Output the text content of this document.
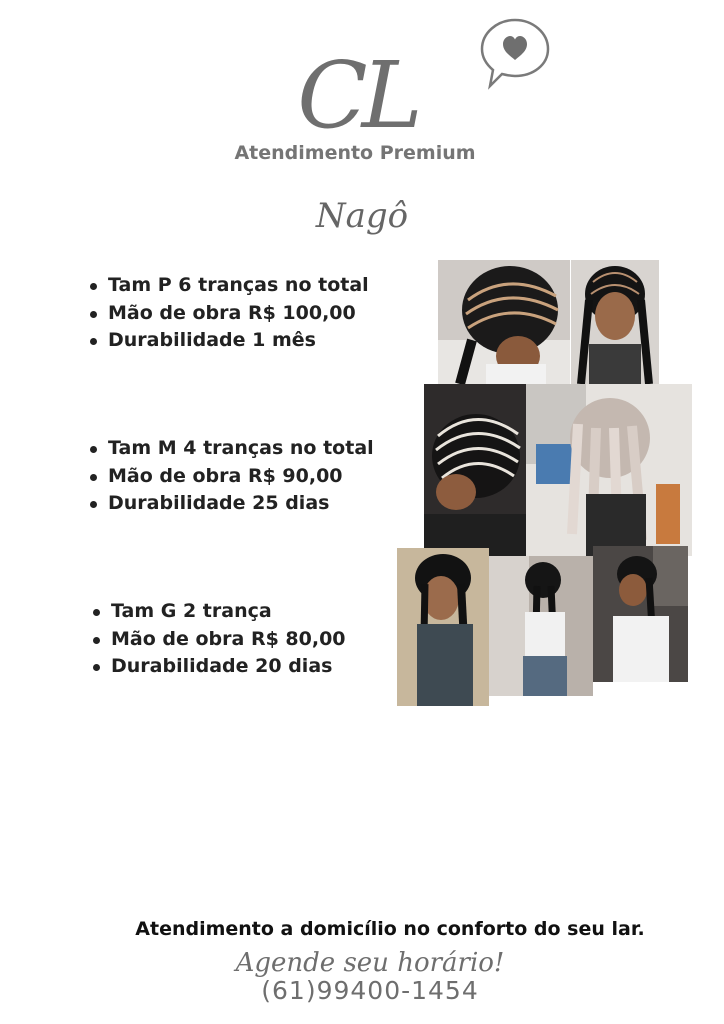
CL
Atendimento Premium
Nagô
Tam P 6 tranças no total
Mão de obra R$ 100,00
Durabilidade 1 mês
Tam M 4 tranças no total
Mão de obra R$ 90,00
Durabilidade 25 dias
Tam G 2 trança
Mão de obra R$ 80,00
Durabilidade 20 dias
Atendimento a domicílio no conforto do seu lar.
Agende seu horário!
(61)99400-1454
